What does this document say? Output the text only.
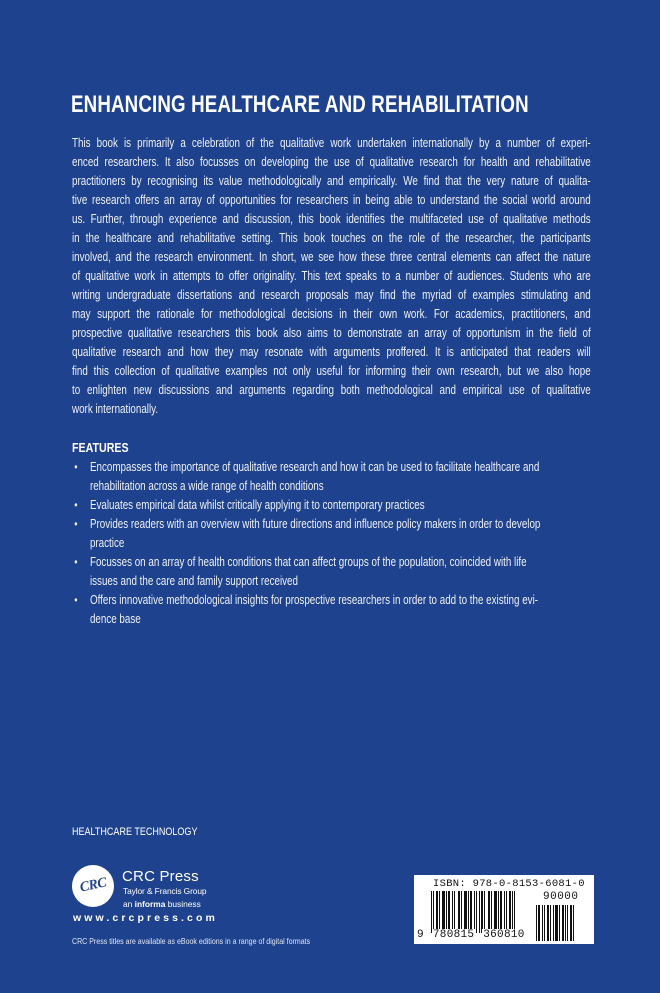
ENHANCING HEALTHCARE AND REHABILITATION
This book is primarily a celebration of the qualitative work undertaken internationally by a number of experi-
enced researchers. It also focusses on developing the use of qualitative research for health and rehabilitative
practitioners by recognising its value methodologically and empirically. We find that the very nature of qualita-
tive research offers an array of opportunities for researchers in being able to understand the social world around
us. Further, through experience and discussion, this book identifies the multifaceted use of qualitative methods
in the healthcare and rehabilitative setting. This book touches on the role of the researcher, the participants
involved, and the research environment. In short, we see how these three central elements can affect the nature
of qualitative work in attempts to offer originality. This text speaks to a number of audiences. Students who are
writing undergraduate dissertations and research proposals may find the myriad of examples stimulating and
may support the rationale for methodological decisions in their own work. For academics, practitioners, and
prospective qualitative researchers this book also aims to demonstrate an array of opportunism in the field of
qualitative research and how they may resonate with arguments proffered. It is anticipated that readers will
find this collection of qualitative examples not only useful for informing their own research, but we also hope
to enlighten new discussions and arguments regarding both methodological and empirical use of qualitative
work internationally.
FEATURES
• Encompasses the importance of qualitative research and how it can be used to facilitate healthcare and
rehabilitation across a wide range of health conditions
• Evaluates empirical data whilst critically applying it to contemporary practices
• Provides readers with an overview with future directions and influence policy makers in order to develop
practice
• Focusses on an array of health conditions that can affect groups of the population, coincided with life
issues and the care and family support received
• Offers innovative methodological insights for prospective researchers in order to add to the existing evi-
dence base
HEALTHCARE TECHNOLOGY
CRC CRC Press
Taylor & Francis Group
an informa business
www.crcpress.com
CRC Press titles are available as eBook editions in a range of digital formats
ISBN: 978-0-8153-6081-0
90000
9 780815 360810
